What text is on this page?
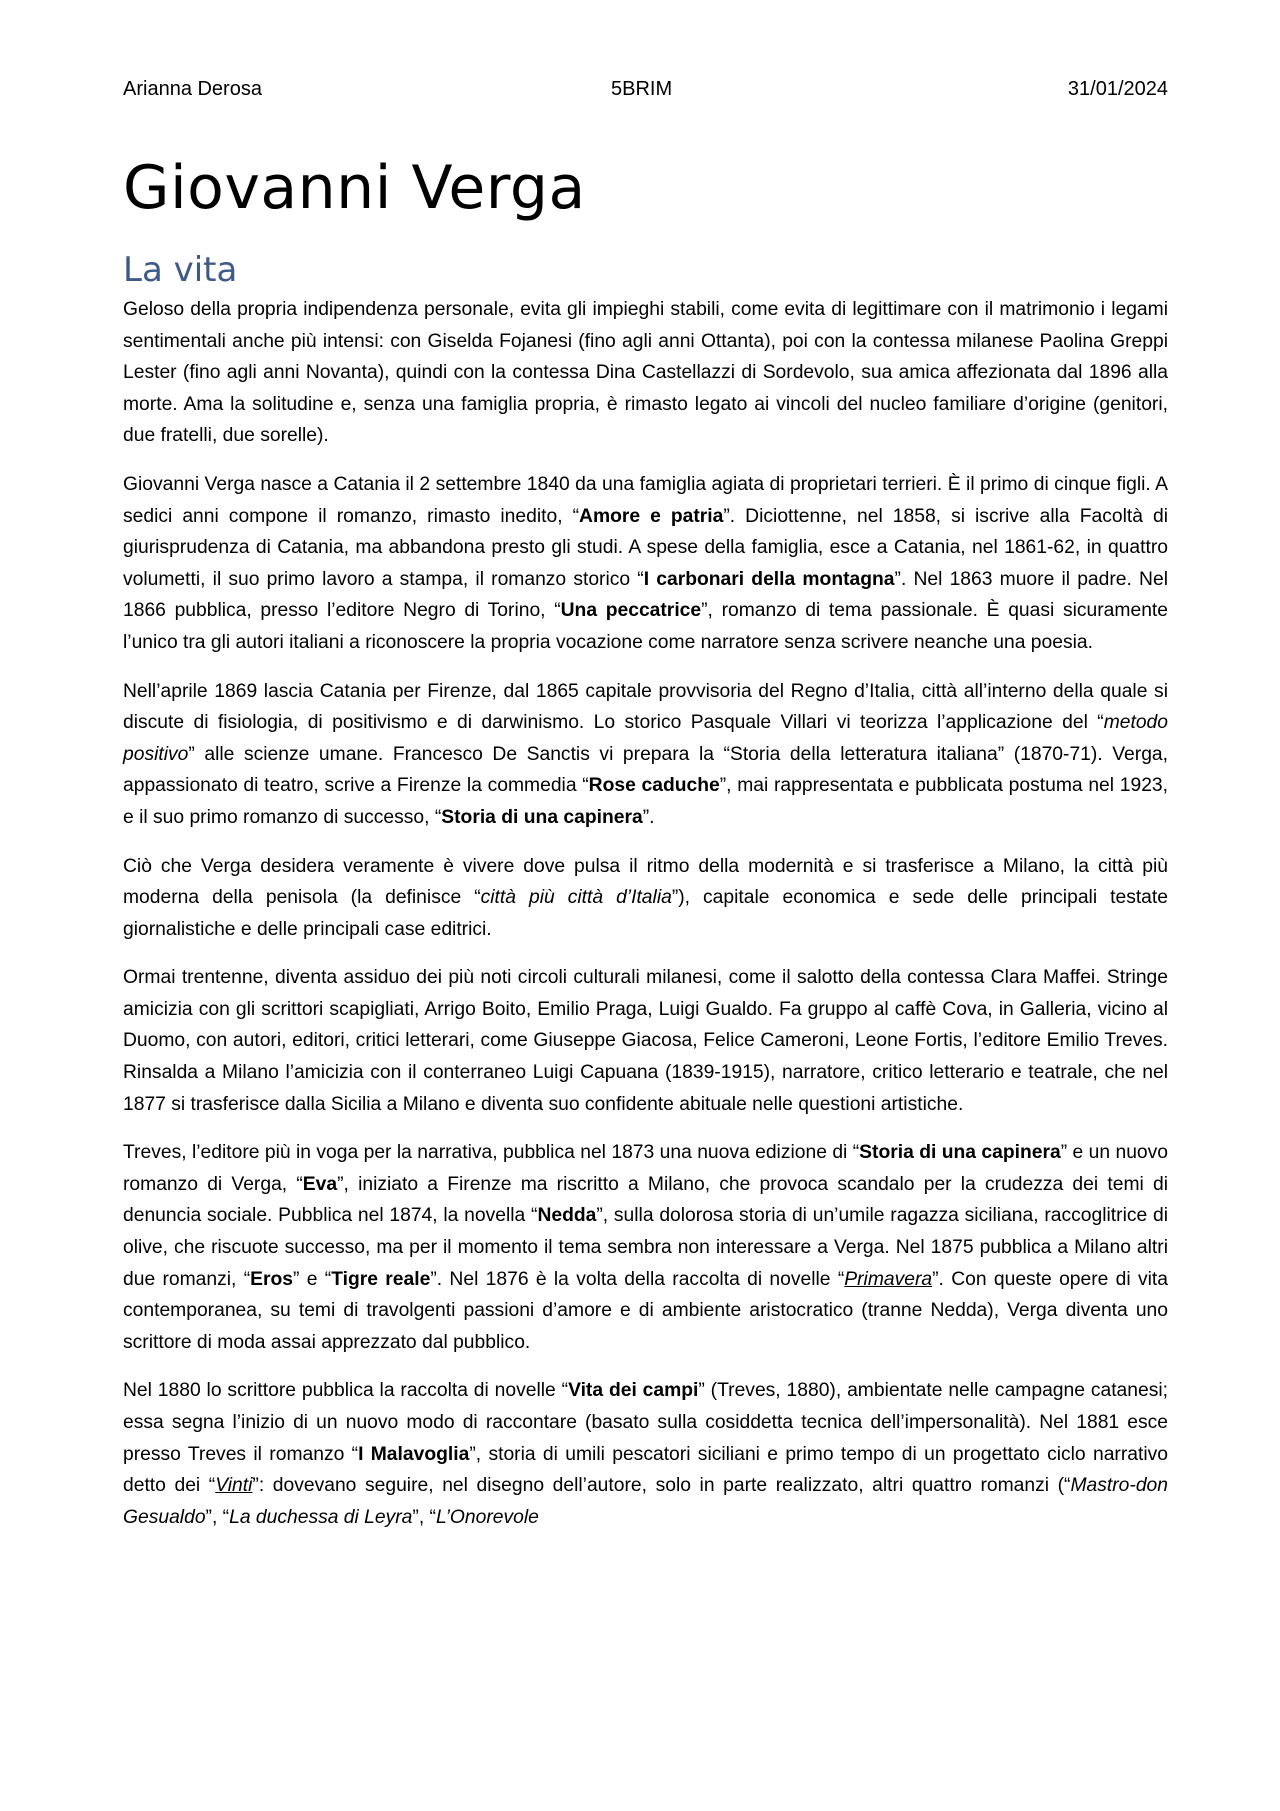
Arianna Derosa	5BRIM	31/01/2024
Giovanni Verga
La vita

Geloso della propria indipendenza personale, evita gli impieghi stabili, come evita di legittimare con il matrimonio i legami sentimentali anche più intensi: con Giselda Fojanesi (fino agli anni Ottanta), poi con la contessa milanese Paolina Greppi Lester (fino agli anni Novanta), quindi con la contessa Dina Castellazzi di Sordevolo, sua amica affezionata dal 1896 alla morte. Ama la solitudine e, senza una famiglia propria, è rimasto legato ai vincoli del nucleo familiare d’origine (genitori, due fratelli, due sorelle).

Giovanni Verga nasce a Catania il 2 settembre 1840 da una famiglia agiata di proprietari terrieri. È il primo di cinque figli. A sedici anni compone il romanzo, rimasto inedito, “Amore e patria”. Diciottenne, nel 1858, si iscrive alla Facoltà di giurisprudenza di Catania, ma abbandona presto gli studi. A spese della famiglia, esce a Catania, nel 1861-62, in quattro volumetti, il suo primo lavoro a stampa, il romanzo storico “I carbonari della montagna”. Nel 1863 muore il padre. Nel 1866 pubblica, presso l’editore Negro di Torino, “Una peccatrice”, romanzo di tema passionale. È quasi sicuramente l’unico tra gli autori italiani a riconoscere la propria vocazione come narratore senza scrivere neanche una poesia.

Nell’aprile 1869 lascia Catania per Firenze, dal 1865 capitale provvisoria del Regno d’Italia, città all’interno della quale si discute di fisiologia, di positivismo e di darwinismo. Lo storico Pasquale Villari vi teorizza l’applicazione del “metodo positivo” alle scienze umane. Francesco De Sanctis vi prepara la “Storia della letteratura italiana” (1870-71). Verga, appassionato di teatro, scrive a Firenze la commedia “Rose caduche”, mai rappresentata e pubblicata postuma nel 1923, e il suo primo romanzo di successo, “Storia di una capinera”.

Ciò che Verga desidera veramente è vivere dove pulsa il ritmo della modernità e si trasferisce a Milano, la città più moderna della penisola (la definisce “città più città d’Italia”), capitale economica e sede delle principali testate giornalistiche e delle principali case editrici.

Ormai trentenne, diventa assiduo dei più noti circoli culturali milanesi, come il salotto della contessa Clara Maffei. Stringe amicizia con gli scrittori scapigliati, Arrigo Boito, Emilio Praga, Luigi Gualdo. Fa gruppo al caffè Cova, in Galleria, vicino al Duomo, con autori, editori, critici letterari, come Giuseppe Giacosa, Felice Cameroni, Leone Fortis, l’editore Emilio Treves. Rinsalda a Milano l’amicizia con il conterraneo Luigi Capuana (1839-1915), narratore, critico letterario e teatrale, che nel 1877 si trasferisce dalla Sicilia a Milano e diventa suo confidente abituale nelle questioni artistiche.

Treves, l’editore più in voga per la narrativa, pubblica nel 1873 una nuova edizione di “Storia di una capinera” e un nuovo romanzo di Verga, “Eva”, iniziato a Firenze ma riscritto a Milano, che provoca scandalo per la crudezza dei temi di denuncia sociale. Pubblica nel 1874, la novella “Nedda”, sulla dolorosa storia di un’umile ragazza siciliana, raccoglitrice di olive, che riscuote successo, ma per il momento il tema sembra non interessare a Verga. Nel 1875 pubblica a Milano altri due romanzi, “Eros” e “Tigre reale”. Nel 1876 è la volta della raccolta di novelle “Primavera”. Con queste opere di vita contemporanea, su temi di travolgenti passioni d’amore e di ambiente aristocratico (tranne Nedda), Verga diventa uno scrittore di moda assai apprezzato dal pubblico.

Nel 1880 lo scrittore pubblica la raccolta di novelle “Vita dei campi” (Treves, 1880), ambientate nelle campagne catanesi; essa segna l’inizio di un nuovo modo di raccontare (basato sulla cosiddetta tecnica dell’impersonalità). Nel 1881 esce presso Treves il romanzo “I Malavoglia”, storia di umili pescatori siciliani e primo tempo di un progettato ciclo narrativo detto dei “Vinti”: dovevano seguire, nel disegno dell’autore, solo in parte realizzato, altri quattro romanzi (“Mastro-don Gesualdo”, “La duchessa di Leyra”, “L’Onorevole
